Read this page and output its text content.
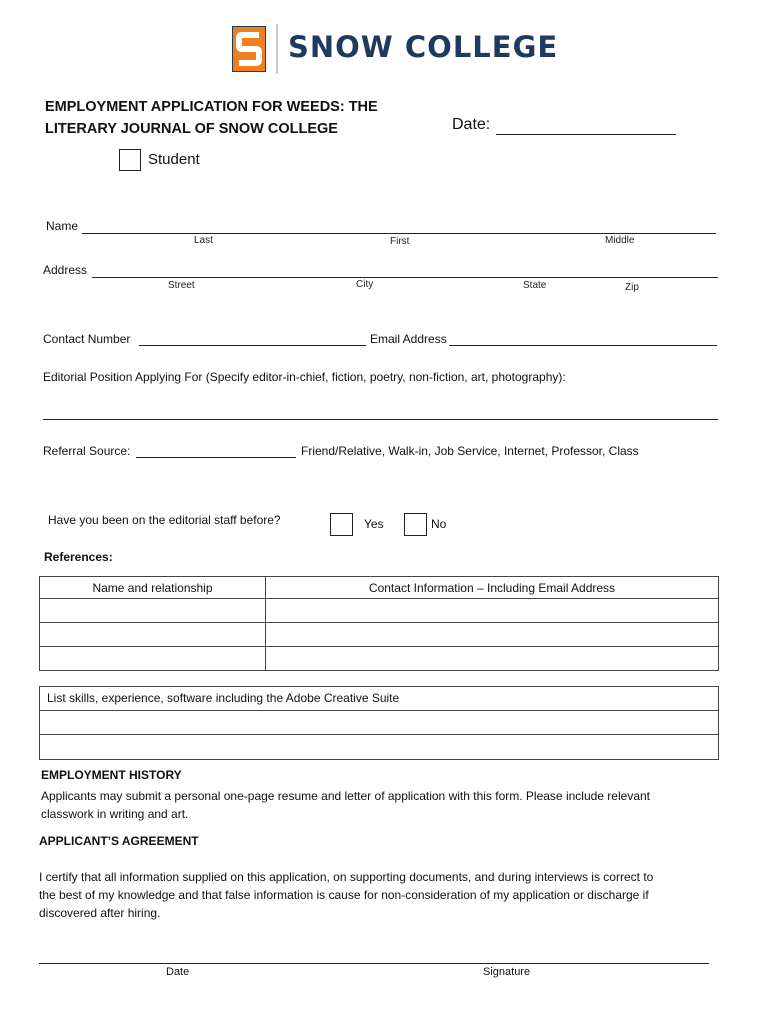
SNOW COLLEGE
EMPLOYMENT APPLICATION FOR WEEDS: THE
LITERARY JOURNAL OF SNOW COLLEGE	Date:
Student
Name
Last	First	Middle
Address
Street	City	State	Zip
Contact Number	Email Address
Editorial Position Applying For (Specify editor-in-chief, fiction, poetry, non-fiction, art, photography):
Referral Source:	Friend/Relative, Walk-in, Job Service, Internet, Professor, Class
Have you been on the editorial staff before?	Yes	No
References:
Name and relationship	Contact Information – Including Email Address

List skills, experience, software including the Adobe Creative Suite
EMPLOYMENT HISTORY
Applicants may submit a personal one-page resume and letter of application with this form. Please include relevant
classwork in writing and art.
APPLICANT’S AGREEMENT
I certify that all information supplied on this application, on supporting documents, and during interviews is correct to
the best of my knowledge and that false information is cause for non-consideration of my application or discharge if
discovered after hiring.
Date	Signature
